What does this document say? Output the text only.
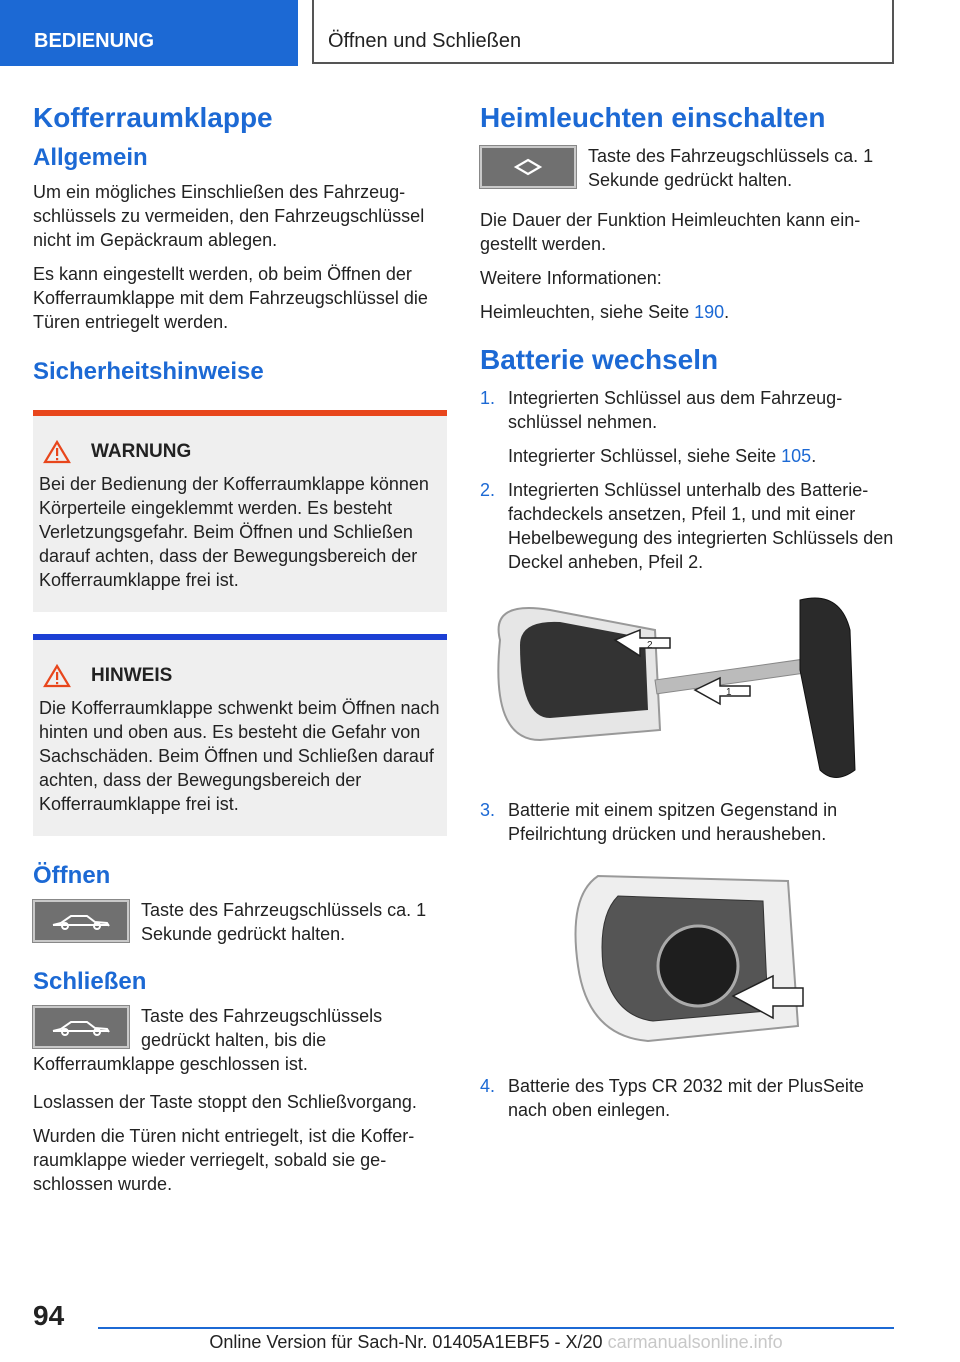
BEDIENUNG	Öffnen und Schließen
Kofferraumklappe
Allgemein

Um ein mögliches Einschließen des Fahrzeugschlüssels zu vermeiden, den Fahrzeugschlüssel nicht im Gepäckraum ablegen.

Es kann eingestellt werden, ob beim Öffnen der Kofferraumklappe mit dem Fahrzeugschlüssel die Türen entriegelt werden.

Sicherheitshinweise
WARNUNG

Bei der Bedienung der Kofferraumklappe können Körperteile eingeklemmt werden. Es besteht Verletzungsgefahr. Beim Öffnen und Schließen darauf achten, dass der Bewegungsbereich der Kofferraumklappe frei ist.

HINWEIS

Die Kofferraumklappe schwenkt beim Öffnen nach hinten und oben aus. Es besteht die Gefahr von Sachschäden. Beim Öffnen und Schließen darauf achten, dass der Bewegungsbereich der Kofferraumklappe frei ist.

Öffnen

Taste des Fahrzeugschlüssels ca. 1 Sekunde gedrückt halten.

Schließen

Taste des Fahrzeugschlüssels gedrückt halten, bis die Kofferraumklappe geschlossen ist.

Loslassen der Taste stoppt den Schließvorgang.

Wurden die Türen nicht entriegelt, ist die Kofferraumklappe wieder verriegelt, sobald sie geschlossen wurde.

Heimleuchten einschalten

Taste des Fahrzeugschlüssels ca. 1 Sekunde gedrückt halten.

Die Dauer der Funktion Heimleuchten kann eingestellt werden.

Weitere Informationen:

Heimleuchten, siehe Seite 190.

Batterie wechseln
1. Integrierten Schlüssel aus dem Fahrzeugschlüssel nehmen.
Integrierter Schlüssel, siehe Seite 105.
2. Integrierten Schlüssel unterhalb des Batteriefachdeckels ansetzen, Pfeil 1, und mit einer Hebelbewegung des integrierten Schlüssels den Deckel anheben, Pfeil 2.
2
1
3. Batterie mit einem spitzen Gegenstand in Pfeilrichtung drücken und herausheben.
4. Batterie des Typs CR 2032 mit der PlusSeite nach oben einlegen.
94
Online Version für Sach-Nr. 01405A1EBF5 - X/20 carmanualsonline.info
